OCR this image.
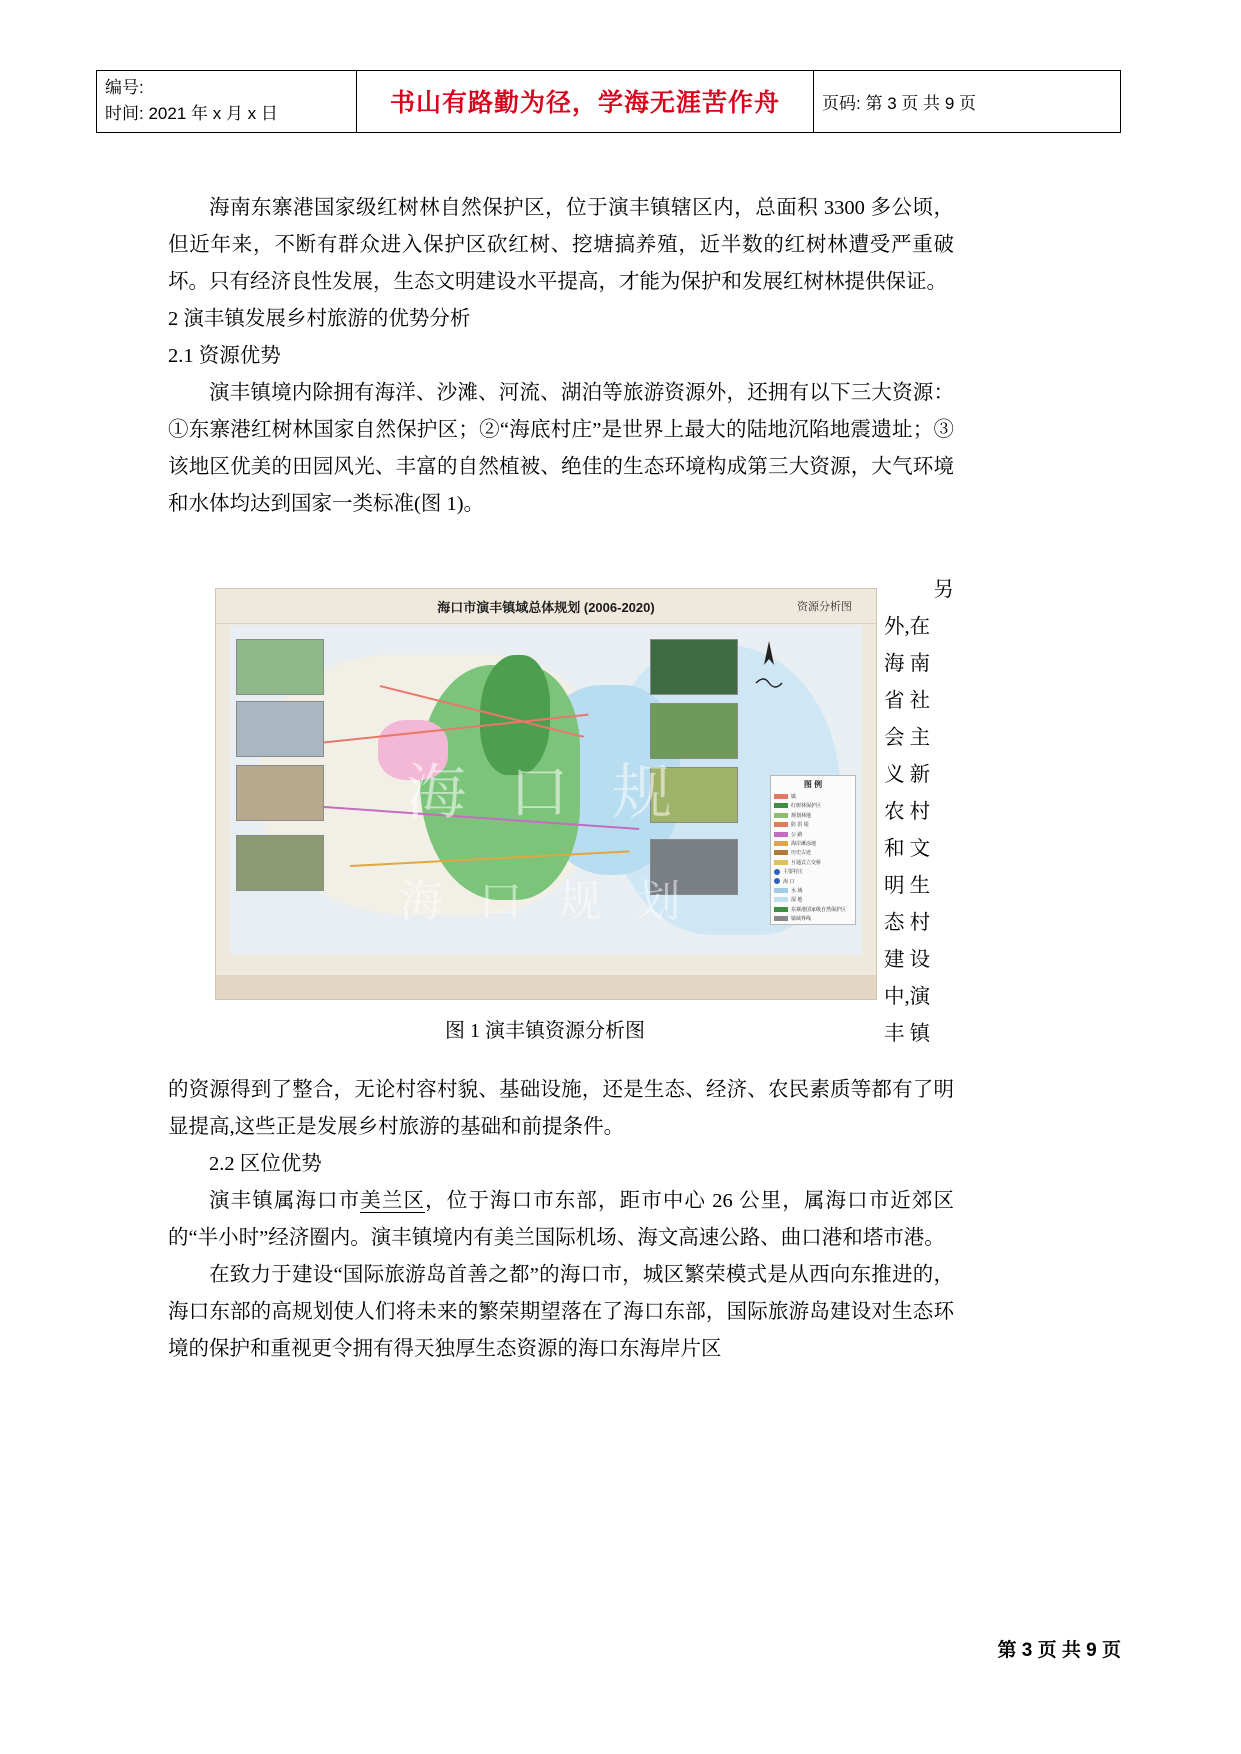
编号:
时间: 2021 年 x 月 x 日	书山有路勤为径，学海无涯苦作舟	页码: 第 3 页 共 9 页

海南东寨港国家级红树林自然保护区，位于演丰镇辖区内，总面积 3300 多公顷，但近年来，不断有群众进入保护区砍红树、挖塘搞养殖，近半数的红树林遭受严重破坏。只有经济良性发展，生态文明建设水平提高，才能为保护和发展红树林提供保证。

2 演丰镇发展乡村旅游的优势分析

2.1 资源优势

演丰镇境内除拥有海洋、沙滩、河流、湖泊等旅游资源外，还拥有以下三大资源：①东寨港红树林国家自然保护区；②“海底村庄”是世界上最大的陆地沉陷地震遗址；③该地区优美的田园风光、丰富的自然植被、绝佳的生态环境构成第三大资源，大气环境和水体均达到国家一类标准(图 1)。

另
外,在
海 南
省 社
会 主
义 新
农 村
和 文
明 生
态 村
建 设
中,演
丰 镇
海口市演丰镇域总体规划 (2006-2020)	资源分析图
海 口 规
海 口 规 划
图 例
镇
红树林保护区
规划林地
防 洪 堤
公 路
海岸滩涂地
历史古迹
互通式立交桥
主要村庄
海 口
水 域
湿 地
东寨港国家级自然保护区
镇域界线
图 1 演丰镇资源分析图

的资源得到了整合，无论村容村貌、基础设施，还是生态、经济、农民素质等都有了明显提高,这些正是发展乡村旅游的基础和前提条件。

2.2 区位优势

演丰镇属海口市美兰区，位于海口市东部，距市中心 26 公里，属海口市近郊区的“半小时”经济圈内。演丰镇境内有美兰国际机场、海文高速公路、曲口港和塔市港。

在致力于建设“国际旅游岛首善之都”的海口市，城区繁荣模式是从西向东推进的，海口东部的高规划使人们将未来的繁荣期望落在了海口东部，国际旅游岛建设对生态环境的保护和重视更令拥有得天独厚生态资源的海口东海岸片区

第 3 页 共 9 页
